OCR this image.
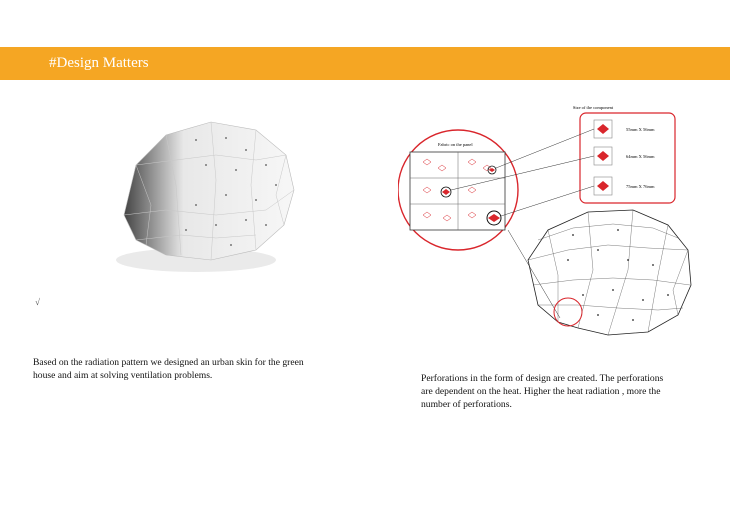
#Design Matters
√

Based on the radiation pattern we designed an urban skin for the green house and aim at solving ventilation problems.

Size of the component
55mm X 56mm
64mm X 56mm
75mm X 76mm
Fabric on the panel

Perforations in the form of design are created. The perforations are dependent on the heat. Higher the heat radiation , more the number of perforations.
